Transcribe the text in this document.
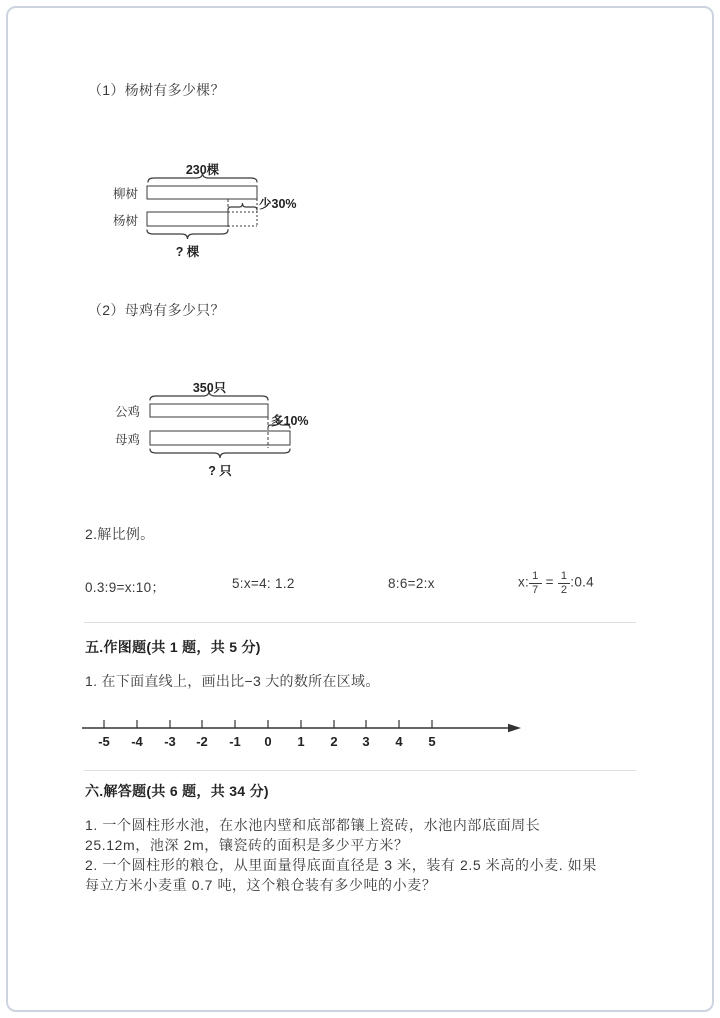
（1）杨树有多少棵？
230棵
柳树
杨树
少30%
? 棵
（2）母鸡有多少只？
350只
公鸡
母鸡
多10%
? 只
2.解比例。
0.3:9=x:10；	5:x=4: 1.2	8:6=2:x	x: $\frac{1}{7} = \frac{1}{2}$ :0.4
五.作图题(共 1 题，共 5 分)
1. 在下面直线上，画出比−3 大的数所在区域。
-5	-4	-3	-2	-1	0	1	2	3	4	5
六.解答题(共 6 题，共 34 分)
1. 一个圆柱形水池，在水池内壁和底部都镶上瓷砖，水池内部底面周长
25.12m，池深 2m，镶瓷砖的面积是多少平方米？
2. 一个圆柱形的粮仓，从里面量得底面直径是 3 米，装有 2.5 米高的小麦. 如果
每立方米小麦重 0.7 吨，这个粮仓装有多少吨的小麦？
